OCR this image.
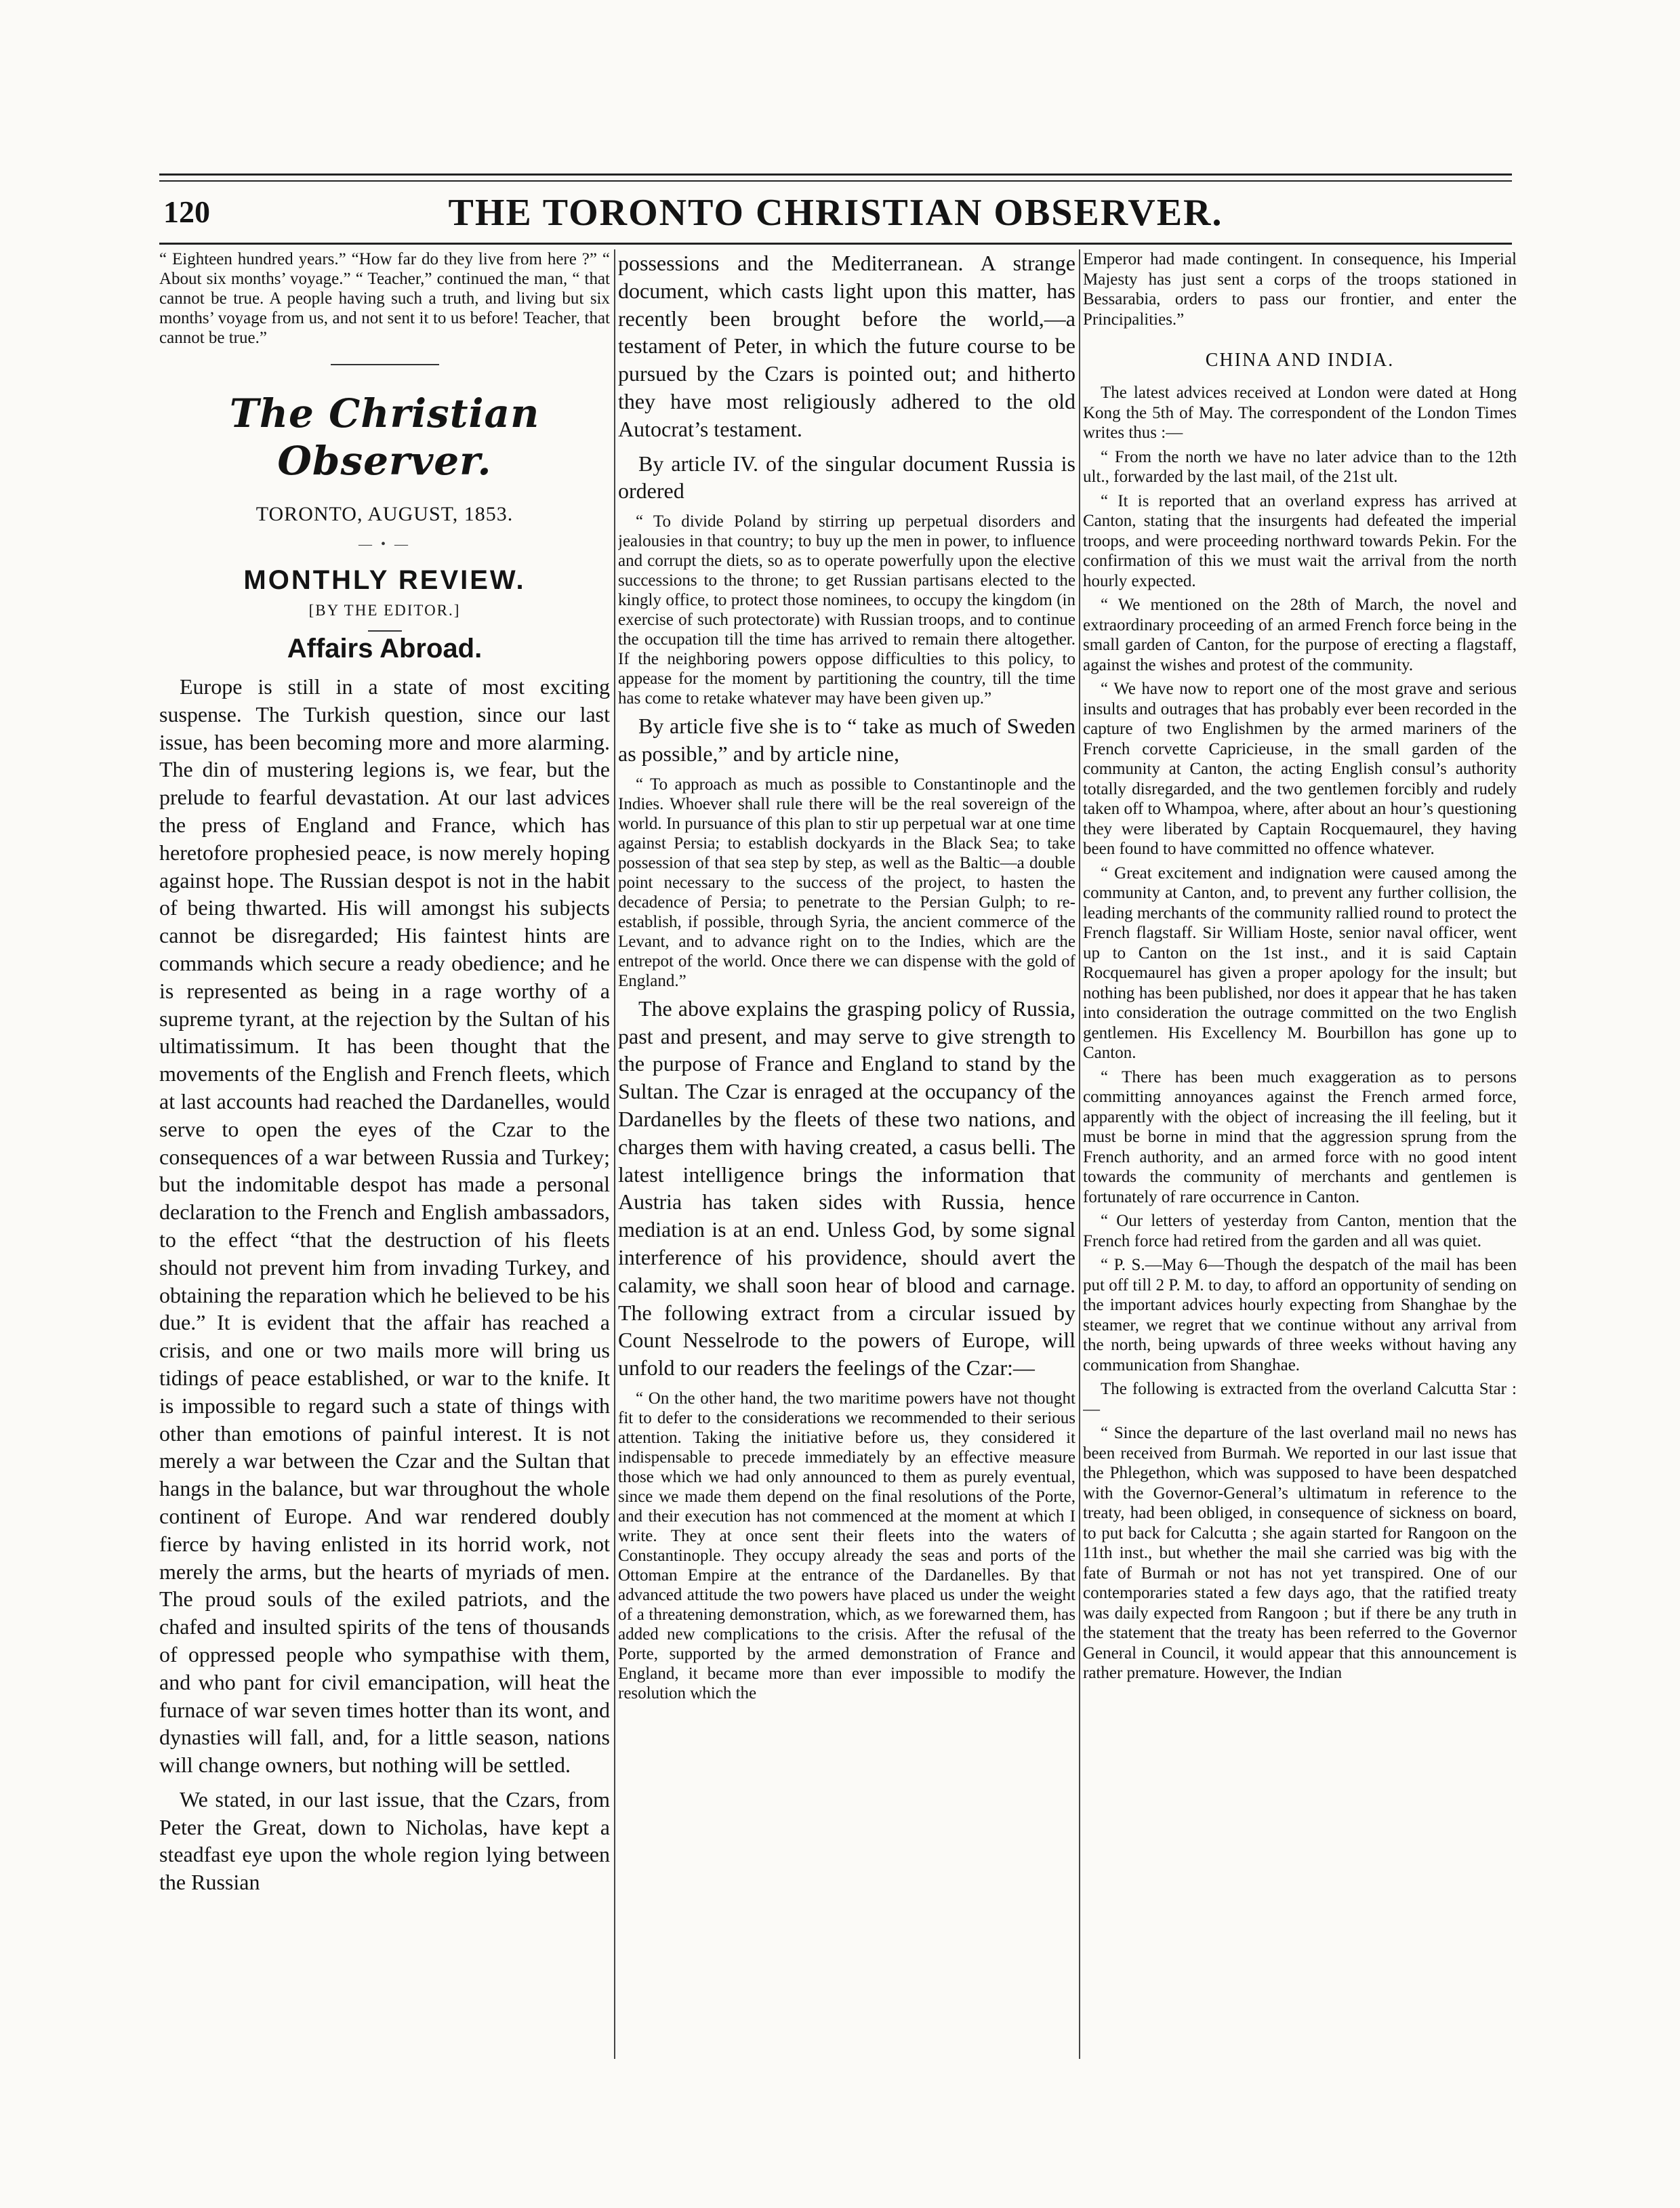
120	THE TORONTO CHRISTIAN OBSERVER.

“ Eighteen hundred years.” “How far do they live from here ?” “ About six months’ voyage.” “ Teacher,” continued the man, “ that cannot be true. A people having such a truth, and living but six months’ voyage from us, and not sent it to us before! Teacher, that cannot be true.”

The Christian Observer.
TORONTO, AUGUST, 1853.
— • —
MONTHLY REVIEW.
[BY THE EDITOR.]
Affairs Abroad.

Europe is still in a state of most exciting suspense. The Turkish question, since our last issue, has been becoming more and more alarming. The din of mustering legions is, we fear, but the prelude to fearful devastation. At our last advices the press of England and France, which has heretofore prophesied peace, is now merely hoping against hope. The Russian despot is not in the habit of being thwarted. His will amongst his subjects cannot be disregarded; His faintest hints are commands which secure a ready obedience; and he is represented as being in a rage worthy of a supreme tyrant, at the rejection by the Sultan of his ultimatissimum. It has been thought that the movements of the English and French fleets, which at last accounts had reached the Dardanelles, would serve to open the eyes of the Czar to the consequences of a war between Russia and Turkey; but the indomitable despot has made a personal declaration to the French and English ambassadors, to the effect “that the destruction of his fleets should not prevent him from invading Turkey, and obtaining the reparation which he believed to be his due.” It is evident that the affair has reached a crisis, and one or two mails more will bring us tidings of peace established, or war to the knife. It is impossible to regard such a state of things with other than emotions of painful interest. It is not merely a war between the Czar and the Sultan that hangs in the balance, but war throughout the whole continent of Europe. And war rendered doubly fierce by having enlisted in its horrid work, not merely the arms, but the hearts of myriads of men. The proud souls of the exiled patriots, and the chafed and insulted spirits of the tens of thousands of oppressed people who sympathise with them, and who pant for civil emancipation, will heat the furnace of war seven times hotter than its wont, and dynasties will fall, and, for a little season, nations will change owners, but nothing will be settled.

We stated, in our last issue, that the Czars, from Peter the Great, down to Nicholas, have kept a steadfast eye upon the whole region lying between the Russian

possessions and the Mediterranean. A strange document, which casts light upon this matter, has recently been brought before the world,—a testament of Peter, in which the future course to be pursued by the Czars is pointed out; and hitherto they have most religiously adhered to the old Autocrat’s testament.

By article IV. of the singular document Russia is ordered

“ To divide Poland by stirring up perpetual disorders and jealousies in that country; to buy up the men in power, to influence and corrupt the diets, so as to operate powerfully upon the elective successions to the throne; to get Russian partisans elected to the kingly office, to protect those nominees, to occupy the kingdom (in exercise of such protectorate) with Russian troops, and to continue the occupation till the time has arrived to remain there altogether. If the neighboring powers oppose difficulties to this policy, to appease for the moment by partitioning the country, till the time has come to retake whatever may have been given up.”

By article five she is to “ take as much of Sweden as possible,” and by article nine,

“ To approach as much as possible to Constantinople and the Indies. Whoever shall rule there will be the real sovereign of the world. In pursuance of this plan to stir up perpetual war at one time against Persia; to establish dockyards in the Black Sea; to take possession of that sea step by step, as well as the Baltic—a double point necessary to the success of the project, to hasten the decadence of Persia; to penetrate to the Persian Gulph; to re-establish, if possible, through Syria, the ancient commerce of the Levant, and to advance right on to the Indies, which are the entrepot of the world. Once there we can dispense with the gold of England.”

The above explains the grasping policy of Russia, past and present, and may serve to give strength to the purpose of France and England to stand by the Sultan. The Czar is enraged at the occupancy of the Dardanelles by the fleets of these two nations, and charges them with having created, a casus belli. The latest intelligence brings the information that Austria has taken sides with Russia, hence mediation is at an end. Unless God, by some signal interference of his providence, should avert the calamity, we shall soon hear of blood and carnage. The following extract from a circular issued by Count Nesselrode to the powers of Europe, will unfold to our readers the feelings of the Czar:—

“ On the other hand, the two maritime powers have not thought fit to defer to the considerations we recommended to their serious attention. Taking the initiative before us, they considered it indispensable to precede immediately by an effective measure those which we had only announced to them as purely eventual, since we made them depend on the final resolutions of the Porte, and their execution has not commenced at the moment at which I write. They at once sent their fleets into the waters of Constantinople. They occupy already the seas and ports of the Ottoman Empire at the entrance of the Dardanelles. By that advanced attitude the two powers have placed us under the weight of a threatening demonstration, which, as we forewarned them, has added new complications to the crisis. After the refusal of the Porte, supported by the armed demonstration of France and England, it became more than ever impossible to modify the resolution which the

Emperor had made contingent. In consequence, his Imperial Majesty has just sent a corps of the troops stationed in Bessarabia, orders to pass our frontier, and enter the Principalities.”

CHINA AND INDIA.

The latest advices received at London were dated at Hong Kong the 5th of May. The correspondent of the London Times writes thus :—

“ From the north we have no later advice than to the 12th ult., forwarded by the last mail, of the 21st ult.

“ It is reported that an overland express has arrived at Canton, stating that the insurgents had defeated the imperial troops, and were proceeding northward towards Pekin. For the confirmation of this we must wait the arrival from the north hourly expected.

“ We mentioned on the 28th of March, the novel and extraordinary proceeding of an armed French force being in the small garden of Canton, for the purpose of erecting a flagstaff, against the wishes and protest of the community.

“ We have now to report one of the most grave and serious insults and outrages that has probably ever been recorded in the capture of two Englishmen by the armed mariners of the French corvette Capricieuse, in the small garden of the community at Canton, the acting English consul’s authority totally disregarded, and the two gentlemen forcibly and rudely taken off to Whampoa, where, after about an hour’s questioning they were liberated by Captain Rocquemaurel, they having been found to have committed no offence whatever.

“ Great excitement and indignation were caused among the community at Canton, and, to prevent any further collision, the leading merchants of the community rallied round to protect the French flagstaff. Sir William Hoste, senior naval officer, went up to Canton on the 1st inst., and it is said Captain Rocquemaurel has given a proper apology for the insult; but nothing has been published, nor does it appear that he has taken into consideration the outrage committed on the two English gentlemen. His Excellency M. Bourbillon has gone up to Canton.

“ There has been much exaggeration as to persons committing annoyances against the French armed force, apparently with the object of increasing the ill feeling, but it must be borne in mind that the aggression sprung from the French authority, and an armed force with no good intent towards the community of merchants and gentlemen is fortunately of rare occurrence in Canton.

“ Our letters of yesterday from Canton, mention that the French force had retired from the garden and all was quiet.

“ P. S.—May 6—Though the despatch of the mail has been put off till 2 P. M. to day, to afford an opportunity of sending on the important advices hourly expecting from Shanghae by the steamer, we regret that we continue without any arrival from the north, being upwards of three weeks without having any communication from Shanghae.

The following is extracted from the overland Calcutta Star :—

“ Since the departure of the last overland mail no news has been received from Burmah. We reported in our last issue that the Phlegethon, which was supposed to have been despatched with the Governor-General’s ultimatum in reference to the treaty, had been obliged, in consequence of sickness on board, to put back for Calcutta ; she again started for Rangoon on the 11th inst., but whether the mail she carried was big with the fate of Burmah or not has not yet transpired. One of our contemporaries stated a few days ago, that the ratified treaty was daily expected from Rangoon ; but if there be any truth in the statement that the treaty has been referred to the Governor General in Council, it would appear that this announcement is rather premature. However, the Indian
